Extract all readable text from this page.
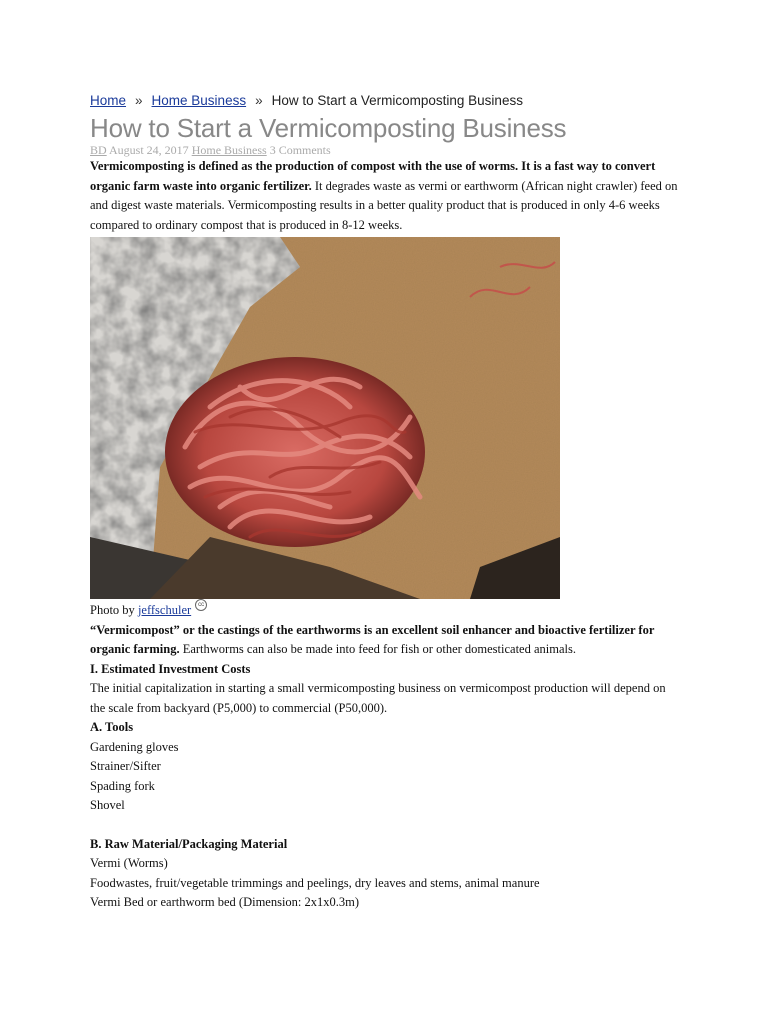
Home » Home Business » How to Start a Vermicomposting Business
How to Start a Vermicomposting Business
BD August 24, 2017 Home Business 3 Comments

Vermicomposting is defined as the production of compost with the use of worms. It is a fast way to convert organic farm waste into organic fertilizer. It degrades waste as vermi or earthworm (African night crawler) feed on and digest waste materials. Vermicomposting results in a better quality product that is produced in only 4-6 weeks compared to ordinary compost that is produced in 8-12 weeks.

Photo by jeffschuler cc

“Vermicompost” or the castings of the earthworms is an excellent soil enhancer and bioactive fertilizer for organic farming. Earthworms can also be made into feed for fish or other domesticated animals.

I. Estimated Investment Costs

The initial capitalization in starting a small vermicomposting business on vermicompost production will depend on the scale from backyard (P5,000) to commercial (P50,000).

A. Tools

Gardening gloves

Strainer/Sifter

Spading fork

Shovel

B. Raw Material/Packaging Material

Vermi (Worms)

Foodwastes, fruit/vegetable trimmings and peelings, dry leaves and stems, animal manure

Vermi Bed or earthworm bed (Dimension: 2x1x0.3m)
